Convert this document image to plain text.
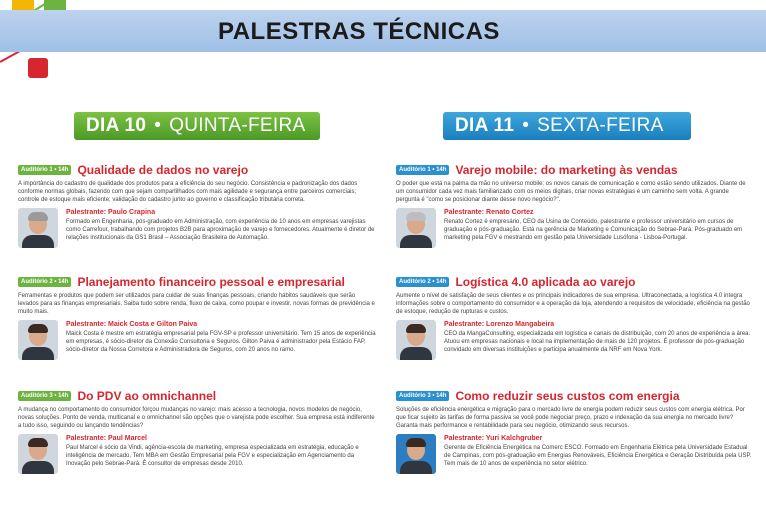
PALESTRAS TÉCNICAS
DIA 10 • QUINTA-FEIRA	DIA 11 • SEXTA-FEIRA
Auditório 1 • 14h Qualidade de dados no varejo
A importância do cadastro de qualidade dos produtos para a eficiência do seu negócio. Consistência e padronização dos dados conforme normas globais, fazendo com que sejam compartilhados com mais agilidade e segurança entre parceiros comerciais; controle de estoque mais eficiente; validação do cadastro junto ao governo e classificação tributária correta.
Palestrante: Paulo Crapina
Formado em Engenharia, pós-graduado em Administração, com experiência de 10 anos em empresas varejistas como Carrefour, trabalhando com projetos B2B para aproximação de varejo e fornecedores. Atualmente é diretor de relações institucionais da GS1 Brasil – Associação Brasileira de Automação.
Auditório 2 • 14h Planejamento financeiro pessoal e empresarial
Ferramentas e produtos que podem ser utilizados para cuidar de suas finanças pessoais, criando hábitos saudáveis que serão levados para as finanças empresariais. Saiba tudo sobre renda, fluxo de caixa, como poupar e investir, novas formas de previdência e muito mais.
Palestrante: Maick Costa e Gilton Paiva
Maick Costa é mestre em estratégia empresarial pela FGV-SP e professor universitário. Tem 15 anos de experiência em empresas, é sócio-diretor da Conexão Consultoria e Seguros. Gilton Paiva é administrador pela Estácio FAP, sócio-diretor da Nossa Corretora e Administradora de Seguros, com 20 anos no ramo.
Auditório 3 • 14h Do PDV ao omnichannel
A mudança no comportamento do consumidor forçou mudanças no varejo: mais acesso a tecnologia, novos modelos de negócio, novas soluções. Ponto de venda, multicanal e o omnichannel são opções que o varejista pode escolher. Sua empresa está indiferente a tudo isso, seguindo ou lançando tendências?
Palestrante: Paul Marcel
Paul Marcel é sócio da Vindi, agência-escola de marketing, empresa especializada em estratégia, educação e inteligência de mercado. Tem MBA em Gestão Empresarial pela FGV e especialização em Agenciamento da Inovação pelo Sebrae-Pará. É consultor de empresas desde 2010.
Auditório 1 • 14h Varejo mobile: do marketing às vendas
O poder que está na palma da mão no universo mobile: os novos canais de comunicação e como estão sendo utilizados. Diante de um consumidor cada vez mais familiarizado com os meios digitais, criar novas estratégias é um caminho sem volta. A grande pergunta é "como se posicionar diante desse novo negócio?".
Palestrante: Renato Cortez
Renato Cortez é empresário, CEO da Usina de Conteúdo, palestrante e professor universitário em cursos de graduação e pós-graduação. Está na gerência de Marketing e Comunicação do Sebrae-Pará. Pós-graduado em marketing pela FGV e mestrando em gestão pela Universidade Lusófona - Lisboa-Portugal.
Auditório 2 • 14h Logística 4.0 aplicada ao varejo
Aumente o nível de satisfação de seus clientes e os principais indicadores de sua empresa. Ultraconectada, a logística 4.0 integra informações sobre o comportamento do consumidor e a operação da loja, atendendo a requisitos de velocidade, eficiência na gestão de estoque, redução de rupturas e custos.
Palestrante: Lorenzo Mangabeira
CEO da MangaConsulting, especializada em logística e canais de distribuição, com 20 anos de experiência a área. Atuou em empresas nacionais e local na implementação de mais de 120 projetos. É professor de pós-graduação convidado em diversas instituições e participa anualmente da NRF em Nova York.
Auditório 3 • 14h Como reduzir seus custos com energia
Soluções de eficiência energética e migração para o mercado livre de energia podem reduzir seus custos com energia elétrica. Por que ficar sujeito às tarifas de forma passiva se você pode negociar preço, prazo e indexação da sua energia no mercado livre? Garanta mais performance e rentabilidade para seu negócio, otimizando seus recursos.
Palestrante: Yuri Kalchgruber
Gerente de Eficiência Energética na Comerc ESCO. Formado em Engenharia Elétrica pela Universidade Estadual de Campinas, com pós-graduação em Energias Renováveis, Eficiência Energética e Geração Distribuída pela USP. Tem mais de 10 anos de experiência no setor elétrico.
